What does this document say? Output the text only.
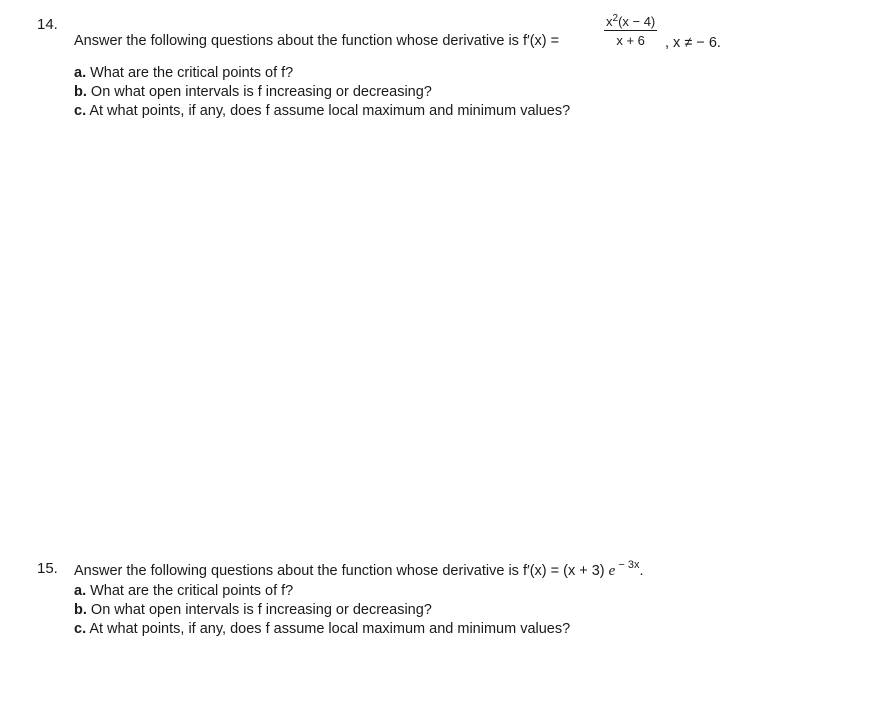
14.
Answer the following questions about the function whose derivative is f′(x) =	$\frac{x^2(x - 4)}{x + 6}$ , x ≠ − 6.
a. What are the critical points of f?
b. On what open intervals is f increasing or decreasing?
c. At what points, if any, does f assume local maximum and minimum values?
15. Answer the following questions about the function whose derivative is f′(x) = (x + 3) e $^{- 3x}$.
a. What are the critical points of f?
b. On what open intervals is f increasing or decreasing?
c. At what points, if any, does f assume local maximum and minimum values?
